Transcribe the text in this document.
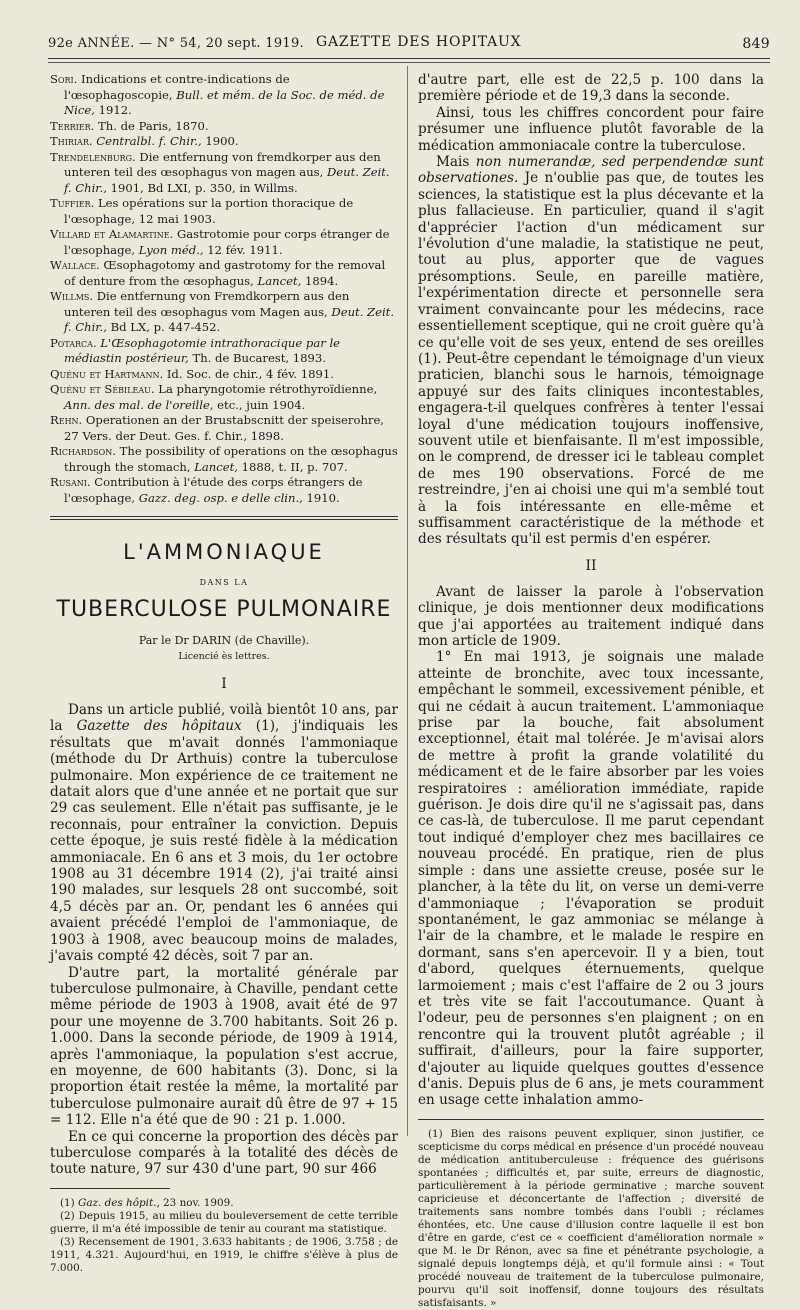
92e ANNÉE. — N° 54, 20 sept. 1919. GAZETTE DES HOPITAUX	849

Sori. Indications et contre-indications de l'œsophagoscopie, Bull. et mém. de la Soc. de méd. de Nice, 1912.

Terrier. Th. de Paris, 1870.

Thiriar. Centralbl. f. Chir., 1900.

Trendelenburg. Die entfernung von fremdkorper aus den unteren teil des œsophagus von magen aus, Deut. Zeit. f. Chir., 1901, Bd LXI, p. 350, in Willms.

Tuffier. Les opérations sur la portion thoracique de l'œsophage, 12 mai 1903.

Villard et Alamartine. Gastrotomie pour corps étranger de l'œsophage, Lyon méd., 12 fév. 1911.

Wallace. Œsophagotomy and gastrotomy for the removal of denture from the œsophagus, Lancet, 1894.

Willms. Die entfernung von Fremdkorpern aus den unteren teil des œsophagus vom Magen aus, Deut. Zeit. f. Chir., Bd LX, p. 447-452.

Potarca. L'Œsophagotomie intrathoracique par le médiastin postérieur, Th. de Bucarest, 1893.

Quénu et Hartmann. Id. Soc. de chir., 4 fév. 1891.

Quénu et Sébileau. La pharyngotomie rétrothyroïdienne, Ann. des mal. de l'oreille, etc., juin 1904.

Rehn. Operationen an der Brustabscnitt der speiserohre, 27 Vers. der Deut. Ges. f. Chir., 1898.

Richardson. The possibility of operations on the œsophagus through the stomach, Lancet, 1888, t. II, p. 707.

Rusani. Contribution à l'étude des corps étrangers de l'œsophage, Gazz. deg. osp. e delle clin., 1910.

L'AMMONIAQUE
DANS LA
TUBERCULOSE PULMONAIRE
Par le Dr DARIN (de Chaville).
Licencié ès lettres.
I

Dans un article publié, voilà bientôt 10 ans, par la Gazette des hôpitaux (1), j'indiquais les résultats que m'avait donnés l'ammoniaque (méthode du Dr Arthuis) contre la tuberculose pulmonaire. Mon expérience de ce traitement ne datait alors que d'une année et ne portait que sur 29 cas seulement. Elle n'était pas suffisante, je le reconnais, pour entraîner la conviction. Depuis cette époque, je suis resté fidèle à la médication ammoniacale. En 6 ans et 3 mois, du 1er octobre 1908 au 31 décembre 1914 (2), j'ai traité ainsi 190 malades, sur lesquels 28 ont succombé, soit 4,5 décès par an. Or, pendant les 6 années qui avaient précédé l'emploi de l'ammoniaque, de 1903 à 1908, avec beaucoup moins de malades, j'avais compté 42 décès, soit 7 par an.

D'autre part, la mortalité générale par tuberculose pulmonaire, à Chaville, pendant cette même période de 1903 à 1908, avait été de 97 pour une moyenne de 3.700 habitants. Soit 26 p. 1.000. Dans la seconde période, de 1909 à 1914, après l'ammoniaque, la population s'est accrue, en moyenne, de 600 habitants (3). Donc, si la proportion était restée la même, la mortalité par tuberculose pulmonaire aurait dû être de 97 + 15 = 112. Elle n'a été que de 90 : 21 p. 1.000.

En ce qui concerne la proportion des décès par tuberculose comparés à la totalité des décès de toute nature, 97 sur 430 d'une part, 90 sur 466

(1) Gaz. des hôpit., 23 nov. 1909.

(2) Depuis 1915, au milieu du bouleversement de cette terrible guerre, il m'a été impossible de tenir au courant ma statistique.

(3) Recensement de 1901, 3.633 habitants ; de 1906, 3.758 ; de 1911, 4.321. Aujourd'hui, en 1919, le chiffre s'élève à plus de 7.000.

d'autre part, elle est de 22,5 p. 100 dans la première période et de 19,3 dans la seconde.

Ainsi, tous les chiffres concordent pour faire présumer une influence plutôt favorable de la médication ammoniacale contre la tuberculose.

Mais non numerandæ, sed perpendendæ sunt observationes. Je n'oublie pas que, de toutes les sciences, la statistique est la plus décevante et la plus fallacieuse. En particulier, quand il s'agit d'apprécier l'action d'un médicament sur l'évolution d'une maladie, la statistique ne peut, tout au plus, apporter que de vagues présomptions. Seule, en pareille matière, l'expérimentation directe et personnelle sera vraiment convaincante pour les médecins, race essentiellement sceptique, qui ne croit guère qu'à ce qu'elle voit de ses yeux, entend de ses oreilles (1). Peut-être cependant le témoignage d'un vieux praticien, blanchi sous le harnois, témoignage appuyé sur des faits cliniques incontestables, engagera-t-il quelques confrères à tenter l'essai loyal d'une médication toujours inoffensive, souvent utile et bienfaisante. Il m'est impossible, on le comprend, de dresser ici le tableau complet de mes 190 observations. Forcé de me restreindre, j'en ai choisi une qui m'a semblé tout à la fois intéressante en elle-même et suffisamment caractéristique de la méthode et des résultats qu'il est permis d'en espérer.

II

Avant de laisser la parole à l'observation clinique, je dois mentionner deux modifications que j'ai apportées au traitement indiqué dans mon article de 1909.

1° En mai 1913, je soignais une malade atteinte de bronchite, avec toux incessante, empêchant le sommeil, excessivement pénible, et qui ne cédait à aucun traitement. L'ammoniaque prise par la bouche, fait absolument exceptionnel, était mal tolérée. Je m'avisai alors de mettre à profit la grande volatilité du médicament et de le faire absorber par les voies respiratoires : amélioration immédiate, rapide guérison. Je dois dire qu'il ne s'agissait pas, dans ce cas-là, de tuberculose. Il me parut cependant tout indiqué d'employer chez mes bacillaires ce nouveau procédé. En pratique, rien de plus simple : dans une assiette creuse, posée sur le plancher, à la tête du lit, on verse un demi-verre d'ammoniaque ; l'évaporation se produit spontanément, le gaz ammoniac se mélange à l'air de la chambre, et le malade le respire en dormant, sans s'en apercevoir. Il y a bien, tout d'abord, quelques éternuements, quelque larmoiement ; mais c'est l'affaire de 2 ou 3 jours et très vite se fait l'accoutumance. Quant à l'odeur, peu de personnes s'en plaignent ; on en rencontre qui la trouvent plutôt agréable ; il suffirait, d'ailleurs, pour la faire supporter, d'ajouter au liquide quelques gouttes d'essence d'anis. Depuis plus de 6 ans, je mets couramment en usage cette inhalation ammo-

(1) Bien des raisons peuvent expliquer, sinon justifier, ce scepticisme du corps médical en présence d'un procédé nouveau de médication antituberculeuse : fréquence des guérisons spontanées ; difficultés et, par suite, erreurs de diagnostic, particulièrement à la période germinative ; marche souvent capricieuse et déconcertante de l'affection ; diversité de traitements sans nombre tombés dans l'oubli ; réclames éhontées, etc. Une cause d'illusion contre laquelle il est bon d'être en garde, c'est ce « coefficient d'amélioration normale » que M. le Dr Rénon, avec sa fine et pénétrante psychologie, a signalé depuis longtemps déjà, et qu'il formule ainsi : « Tout procédé nouveau de traitement de la tuberculose pulmonaire, pourvu qu'il soit inoffensif, donne toujours des résultats satisfaisants. »
